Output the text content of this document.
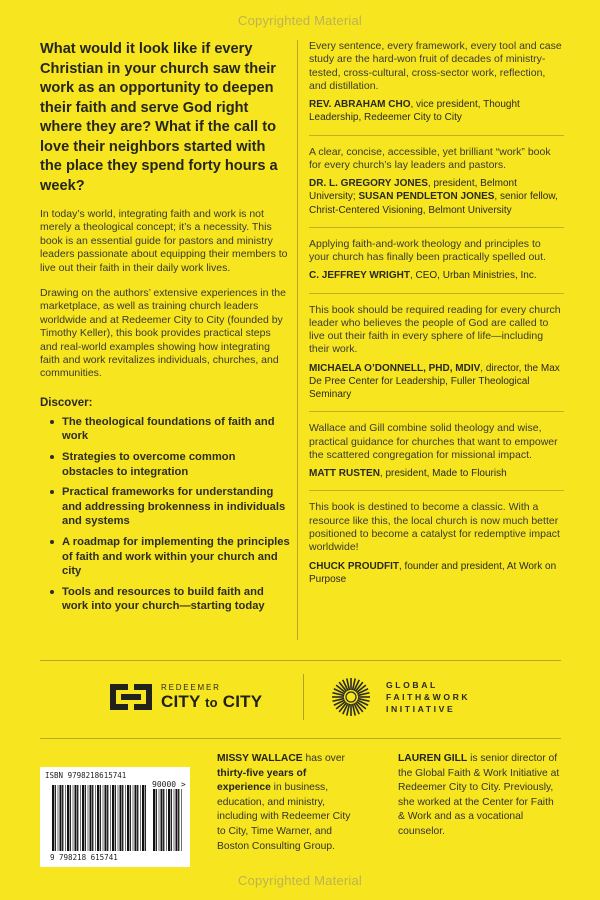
Copyrighted Material

What would it look like if every Christian in your church saw their work as an opportunity to deepen their faith and serve God right where they are? What if the call to love their neighbors started with the place they spend forty hours a week?

In today’s world, integrating faith and work is not merely a theological concept; it’s a necessity. This book is an essential guide for pastors and ministry leaders passionate about equipping their members to live out their faith in their daily work lives.

Drawing on the authors’ extensive experiences in the marketplace, as well as training church leaders worldwide and at Redeemer City to City (founded by Timothy Keller), this book provides practical steps and real-world examples showing how integrating faith and work revitalizes individuals, churches, and communities.

Discover:

The theological foundations of faith and work
Strategies to overcome common obstacles to integration
Practical frameworks for understanding and addressing brokenness in individuals and systems
A roadmap for implementing the principles of faith and work within your church and city
Tools and resources to build faith and work into your church—starting today

Every sentence, every framework, every tool and case study are the hard-won fruit of decades of ministry-tested, cross-cultural, cross-sector work, reflection, and distillation.

REV. ABRAHAM CHO, vice president, Thought Leadership, Redeemer City to City

A clear, concise, accessible, yet brilliant “work” book for every church’s lay leaders and pastors.

DR. L. GREGORY JONES, president, Belmont University; SUSAN PENDLETON JONES, senior fellow, Christ-Centered Visioning, Belmont University

Applying faith-and-work theology and principles to your church has finally been practically spelled out.

C. JEFFREY WRIGHT, CEO, Urban Ministries, Inc.

This book should be required reading for every church leader who believes the people of God are called to live out their faith in every sphere of life—including their work.

MICHAELA O’DONNELL, PHD, MDIV, director, the Max De Pree Center for Leadership, Fuller Theological Seminary

Wallace and Gill combine solid theology and wise, practical guidance for churches that want to empower the scattered congregation for missional impact.

MATT RUSTEN, president, Made to Flourish

This book is destined to become a classic. With a resource like this, the local church is now much better positioned to become a catalyst for redemptive impact worldwide!

CHUCK PROUDFIT, founder and president, At Work on Purpose

REDEEMER
CITY to CITY
GLOBAL
FAITH&WORK
INITIATIVE
ISBN 9798218615741
90000 >
9 798218 615741

MISSY WALLACE has over thirty-five years of experience in business, education, and ministry, including with Redeemer City to City, Time Warner, and Boston Consulting Group.

LAUREN GILL is senior director of the Global Faith & Work Initiative at Redeemer City to City. Previously, she worked at the Center for Faith & Work and as a vocational counselor.

Copyrighted Material
